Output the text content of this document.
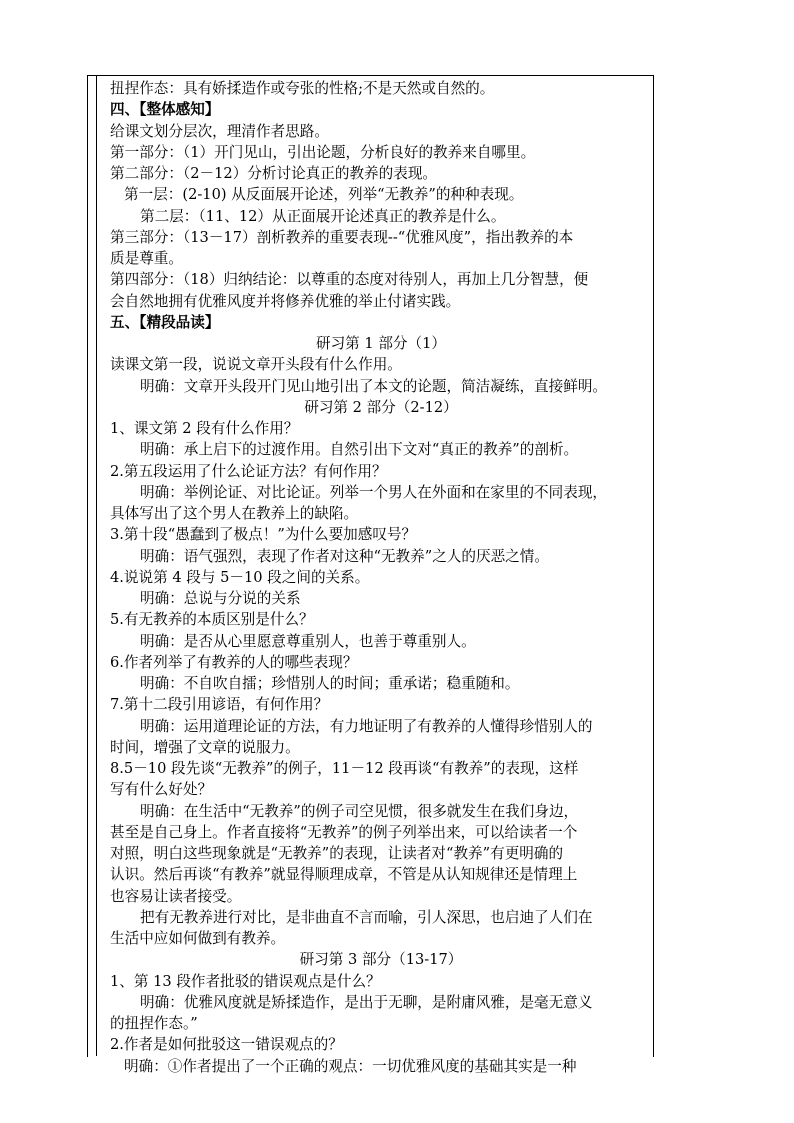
扭捏作态：具有娇揉造作或夸张的性格;不是天然或自然的。
四、【整体感知】
给课文划分层次，理清作者思路。
第一部分：（1）开门见山，引出论题，分析良好的教养来自哪里。
第二部分：（2－12）分析讨论真正的教养的表现。
第一层：(2-10) 从反面展开论述，列举“无教养”的种种表现。
第二层：（11、12）从正面展开论述真正的教养是什么。
第三部分：（13－17）剖析教养的重要表现--“优雅风度”，指出教养的本
质是尊重。
第四部分：（18）归纳结论：以尊重的态度对待别人，再加上几分智慧，便
会自然地拥有优雅风度并将修养优雅的举止付诸实践。
五、【精段品读】
研习第 1 部分（1）
读课文第一段，说说文章开头段有什么作用。
明确：文章开头段开门见山地引出了本文的论题，简洁凝练，直接鲜明。
研习第 2 部分（2-12）
1、课文第 2 段有什么作用？
明确：承上启下的过渡作用。自然引出下文对“真正的教养”的剖析。
2.第五段运用了什么论证方法？有何作用？
明确：举例论证、对比论证。列举一个男人在外面和在家里的不同表现，
具体写出了这个男人在教养上的缺陷。
3.第十段“愚蠢到了极点！”为什么要加感叹号？
明确：语气强烈，表现了作者对这种“无教养”之人的厌恶之情。
4.说说第 4 段与 5－10 段之间的关系。
明确：总说与分说的关系
5.有无教养的本质区别是什么？
明确：是否从心里愿意尊重别人，也善于尊重别人。
6.作者列举了有教养的人的哪些表现？
明确：不自吹自擂；珍惜别人的时间；重承诺；稳重随和。
7.第十二段引用谚语，有何作用？
明确：运用道理论证的方法，有力地证明了有教养的人懂得珍惜别人的
时间，增强了文章的说服力。
8.5－10 段先谈“无教养”的例子，11－12 段再谈“有教养”的表现，这样
写有什么好处？
明确：在生活中“无教养”的例子司空见惯，很多就发生在我们身边，
甚至是自己身上。作者直接将“无教养”的例子列举出来，可以给读者一个
对照，明白这些现象就是“无教养”的表现，让读者对“教养”有更明确的
认识。然后再谈“有教养”就显得顺理成章，不管是从认知规律还是情理上
也容易让读者接受。
把有无教养进行对比，是非曲直不言而喻，引人深思，也启迪了人们在
生活中应如何做到有教养。
研习第 3 部分（13-17）
1、第 13 段作者批驳的错误观点是什么？
明确：优雅风度就是矫揉造作，是出于无聊，是附庸风雅，是毫无意义
的扭捏作态。”
2.作者是如何批驳这一错误观点的？
明确：①作者提出了一个正确的观点：一切优雅风度的基础其实是一种
